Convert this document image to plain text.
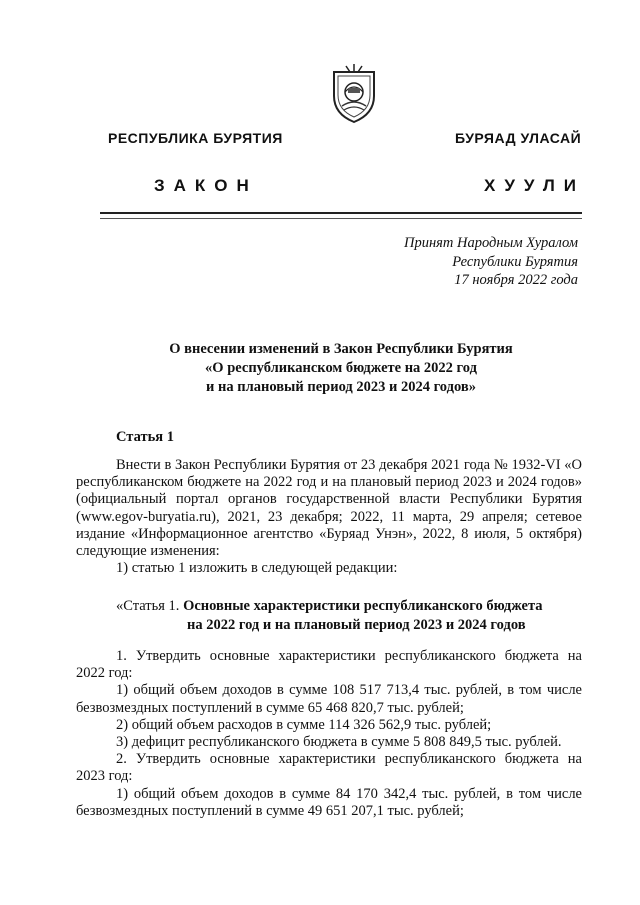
РЕСПУБЛИКА БУРЯТИЯ	БУРЯАД УЛАСАЙ
ЗАКОН	ХУУЛИ
Принят Народным Хуралом
Республики Бурятия
17 ноября 2022 года
О внесении изменений в Закон Республики Бурятия
«О республиканском бюджете на 2022 год
и на плановый период 2023 и 2024 годов»
Статья 1

Внести в Закон Республики Бурятия от 23 декабря 2021 года № 1932-VI «О республиканском бюджете на 2022 год и на плановый период 2023 и 2024 годов» (официальный портал органов государственной власти Республики Бурятия (www.egov-buryatia.ru), 2021, 23 декабря; 2022, 11 марта, 29 апреля; сетевое издание «Информационное агентство «Буряад Унэн», 2022, 8 июля, 5 октября) следующие изменения:

1) статью 1 изложить в следующей редакции:

«Статья 1. Основные характеристики республиканского бюджета
на 2022 год и на плановый период 2023 и 2024 годов

1. Утвердить основные характеристики республиканского бюджета на 2022 год:

1) общий объем доходов в сумме 108 517 713,4 тыс. рублей, в том числе безвозмездных поступлений в сумме 65 468 820,7 тыс. рублей;

2) общий объем расходов в сумме 114 326 562,9 тыс. рублей;

3) дефицит республиканского бюджета в сумме 5 808 849,5 тыс. рублей.

2. Утвердить основные характеристики республиканского бюджета на 2023 год:

1) общий объем доходов в сумме 84 170 342,4 тыс. рублей, в том числе безвозмездных поступлений в сумме 49 651 207,1 тыс. рублей;
